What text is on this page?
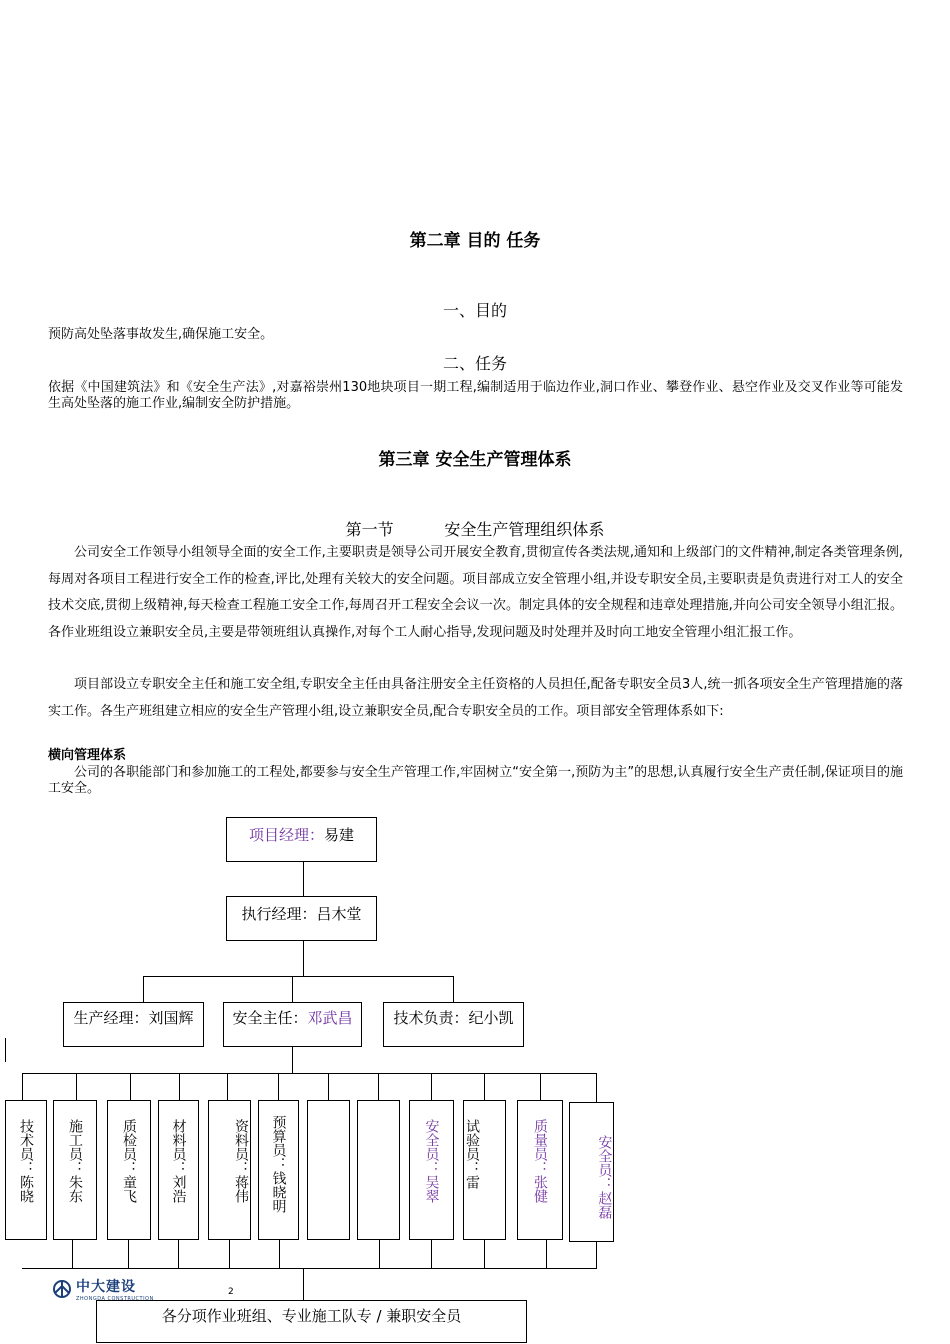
第二章 目的 任务
一、目的
预防高处坠落事故发生,确保施工安全。
二、任务
依据《中国建筑法》和《安全生产法》,对嘉裕崇州130地块项目一期工程,编制适用于临边作业,洞口作业、攀登作业、悬空作业及交叉作业等可能发生高处坠落的施工作业,编制安全防护措施。
第三章 安全生产管理体系
第一节          安全生产管理组织体系
公司安全工作领导小组领导全面的安全工作,主要职责是领导公司开展安全教育,贯彻宣传各类法规,通知和上级部门的文件精神,制定各类管理条例,每周对各项目工程进行安全工作的检查,评比,处理有关较大的安全问题。项目部成立安全管理小组,并设专职安全员,主要职责是负责进行对工人的安全技术交底,贯彻上级精神,每天检查工程施工安全工作,每周召开工程安全会议一次。制定具体的安全规程和违章处理措施,并向公司安全领导小组汇报。各作业班组设立兼职安全员,主要是带领班组认真操作,对每个工人耐心指导,发现问题及时处理并及时向工地安全管理小组汇报工作。
项目部设立专职安全主任和施工安全组,专职安全主任由具备注册安全主任资格的人员担任,配备专职安全员3人,统一抓各项安全生产管理措施的落实工作。各生产班组建立相应的安全生产管理小组,设立兼职安全员,配合专职安全员的工作。项目部安全管理体系如下:
横向管理体系
公司的各职能部门和参加施工的工程处,都要参与安全生产管理工作,牢固树立“安全第一,预防为主”的思想,认真履行安全生产责任制,保证项目的施工安全。
项目经理：易建
执行经理：吕木堂
生产经理：刘国辉	安全主任：邓武昌	技术负责：纪小凯
技术员：陈晓 施工员：朱东	质检员：童飞 材料员：刘浩	资料员：蒋伟 预算员：钱晓明	安全员：吴翠 试验员：雷	质量员：张健	安全员：赵磊
各分项作业班组、专业施工队专 / 兼职安全员
中大建设
ZHONGDA CONSTRUCTION
2
